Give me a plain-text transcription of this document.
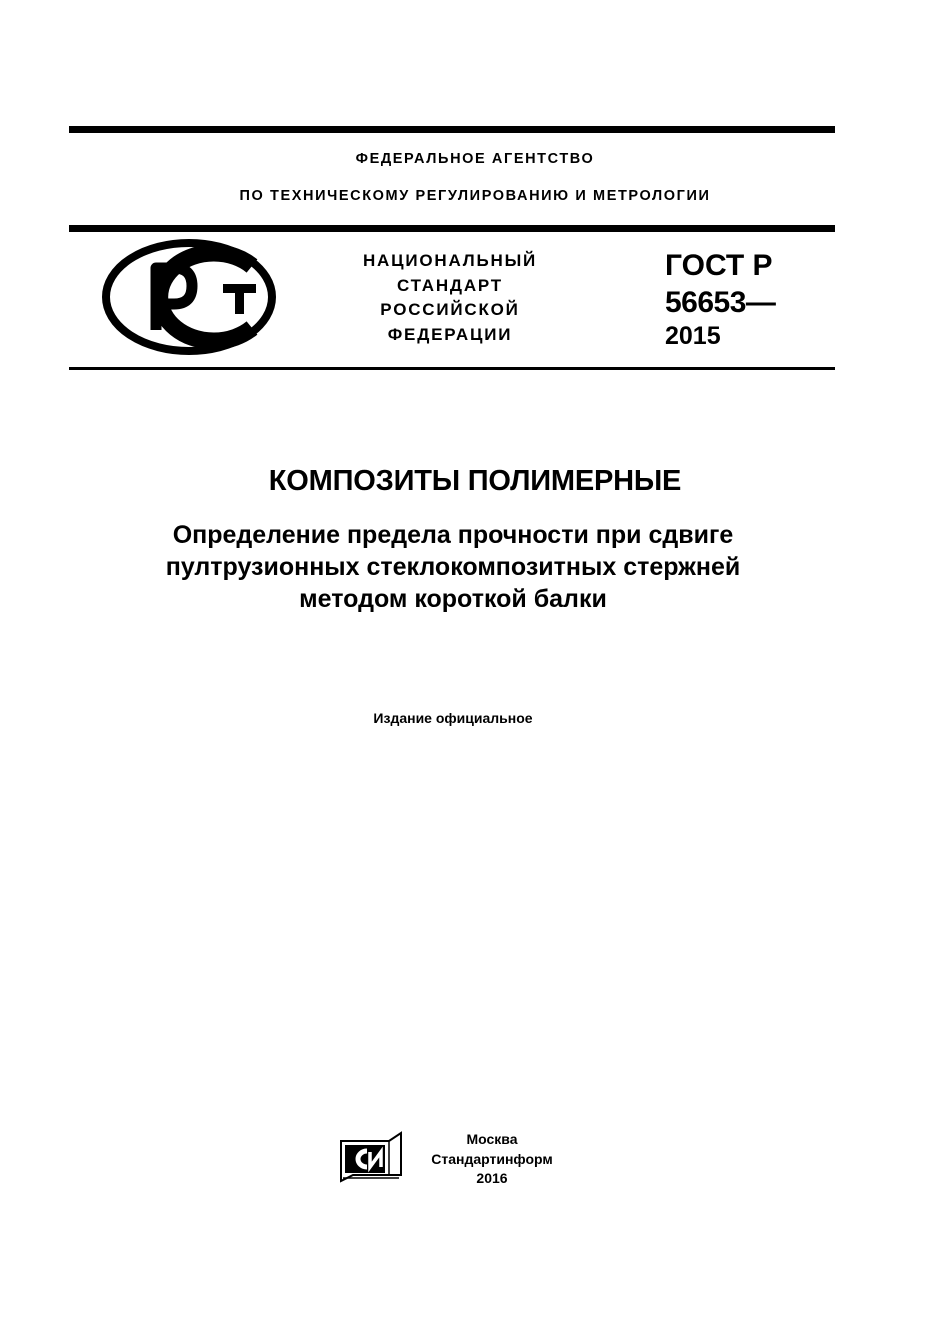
ФЕДЕРАЛЬНОЕ АГЕНТСТВО
ПО ТЕХНИЧЕСКОМУ РЕГУЛИРОВАНИЮ И МЕТРОЛОГИИ
НАЦИОНАЛЬНЫЙ
СТАНДАРТ
РОССИЙСКОЙ
ФЕДЕРАЦИИ
ГОСТ Р
56653—
2015
КОМПОЗИТЫ ПОЛИМЕРНЫЕ
Определение предела прочности при сдвиге
пултрузионных стеклокомпозитных стержней
методом короткой балки
Издание официальное
Москва
Стандартинформ
2016
